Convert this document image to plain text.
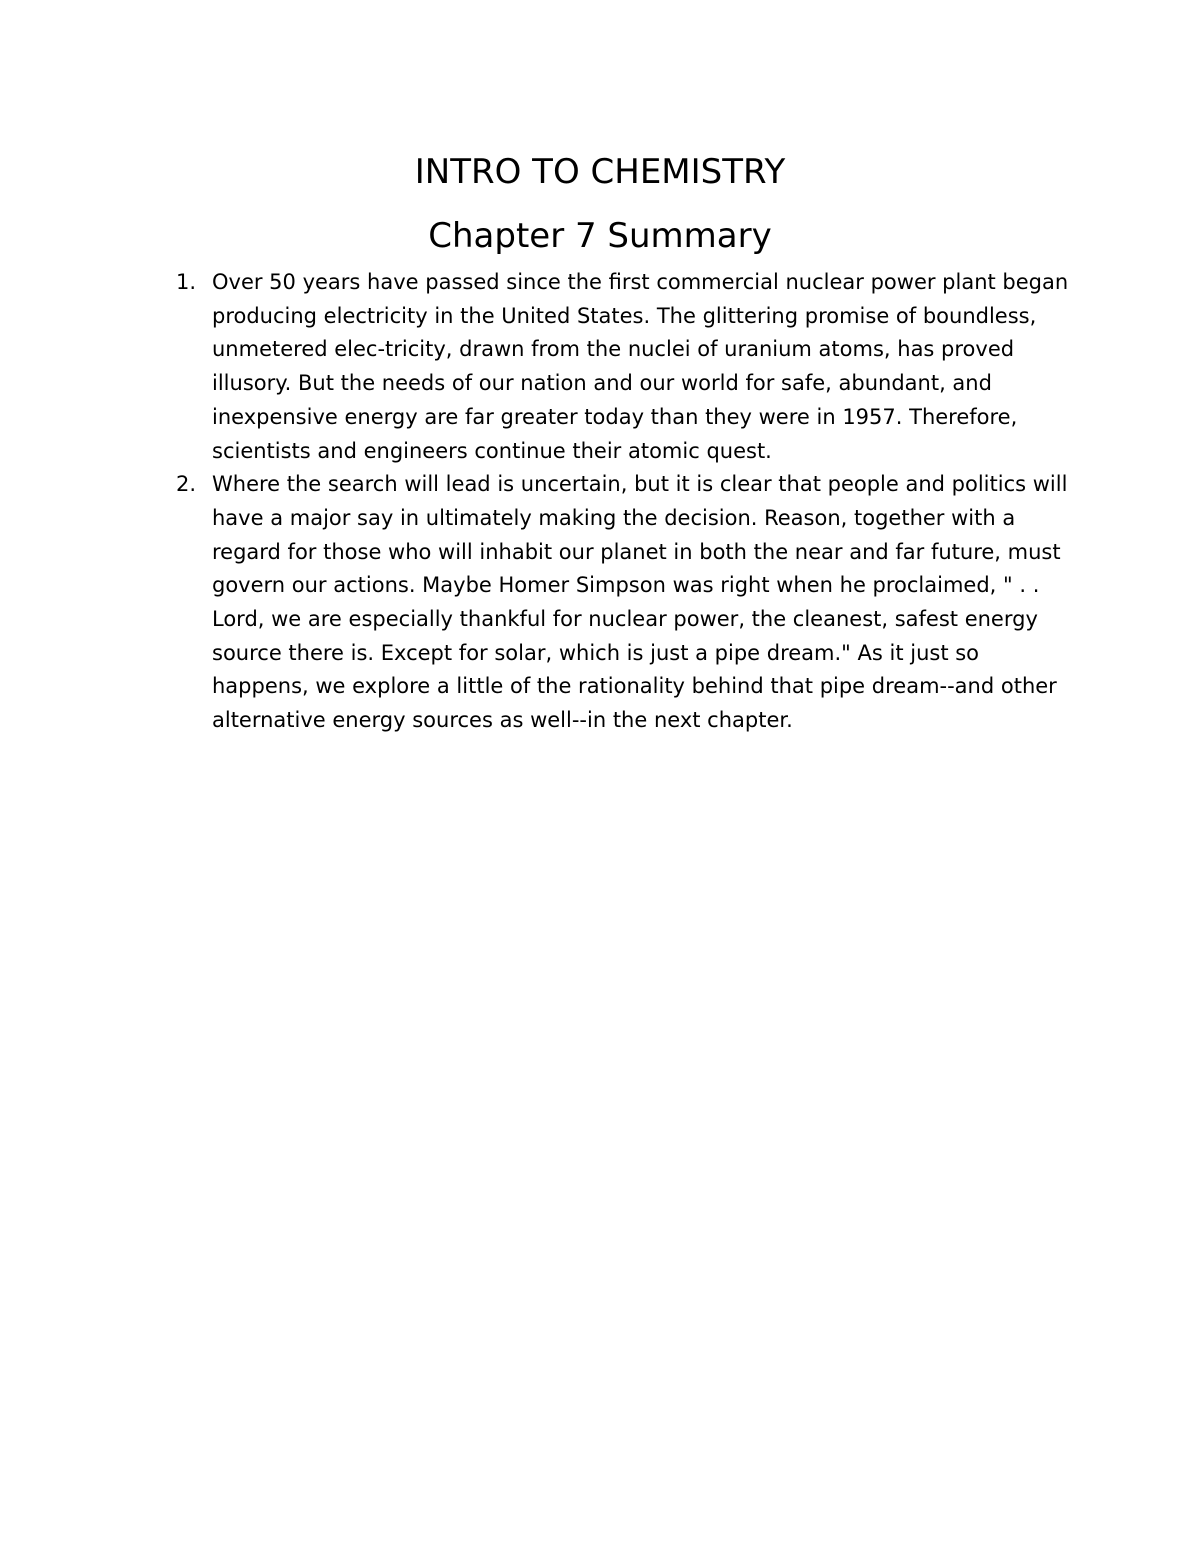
INTRO TO CHEMISTRY
Chapter 7 Summary
1. Over 50 years have passed since the first commercial nuclear power plant began producing electricity in the United States. The glittering promise of boundless, unmetered elec-tricity, drawn from the nuclei of uranium atoms, has proved illusory. But the needs of our nation and our world for safe, abundant, and inexpensive energy are far greater today than they were in 1957. Therefore, scientists and engineers continue their atomic quest.
2. Where the search will lead is uncertain, but it is clear that people and politics will have a major say in ultimately making the decision. Reason, together with a regard for those who will inhabit our planet in both the near and far future, must govern our actions. Maybe Homer Simpson was right when he proclaimed, " . . Lord, we are especially thankful for nuclear power, the cleanest, safest energy source there is. Except for solar, which is just a pipe dream." As it just so happens, we explore a little of the rationality behind that pipe dream--and other alternative energy sources as well--in the next chapter.
